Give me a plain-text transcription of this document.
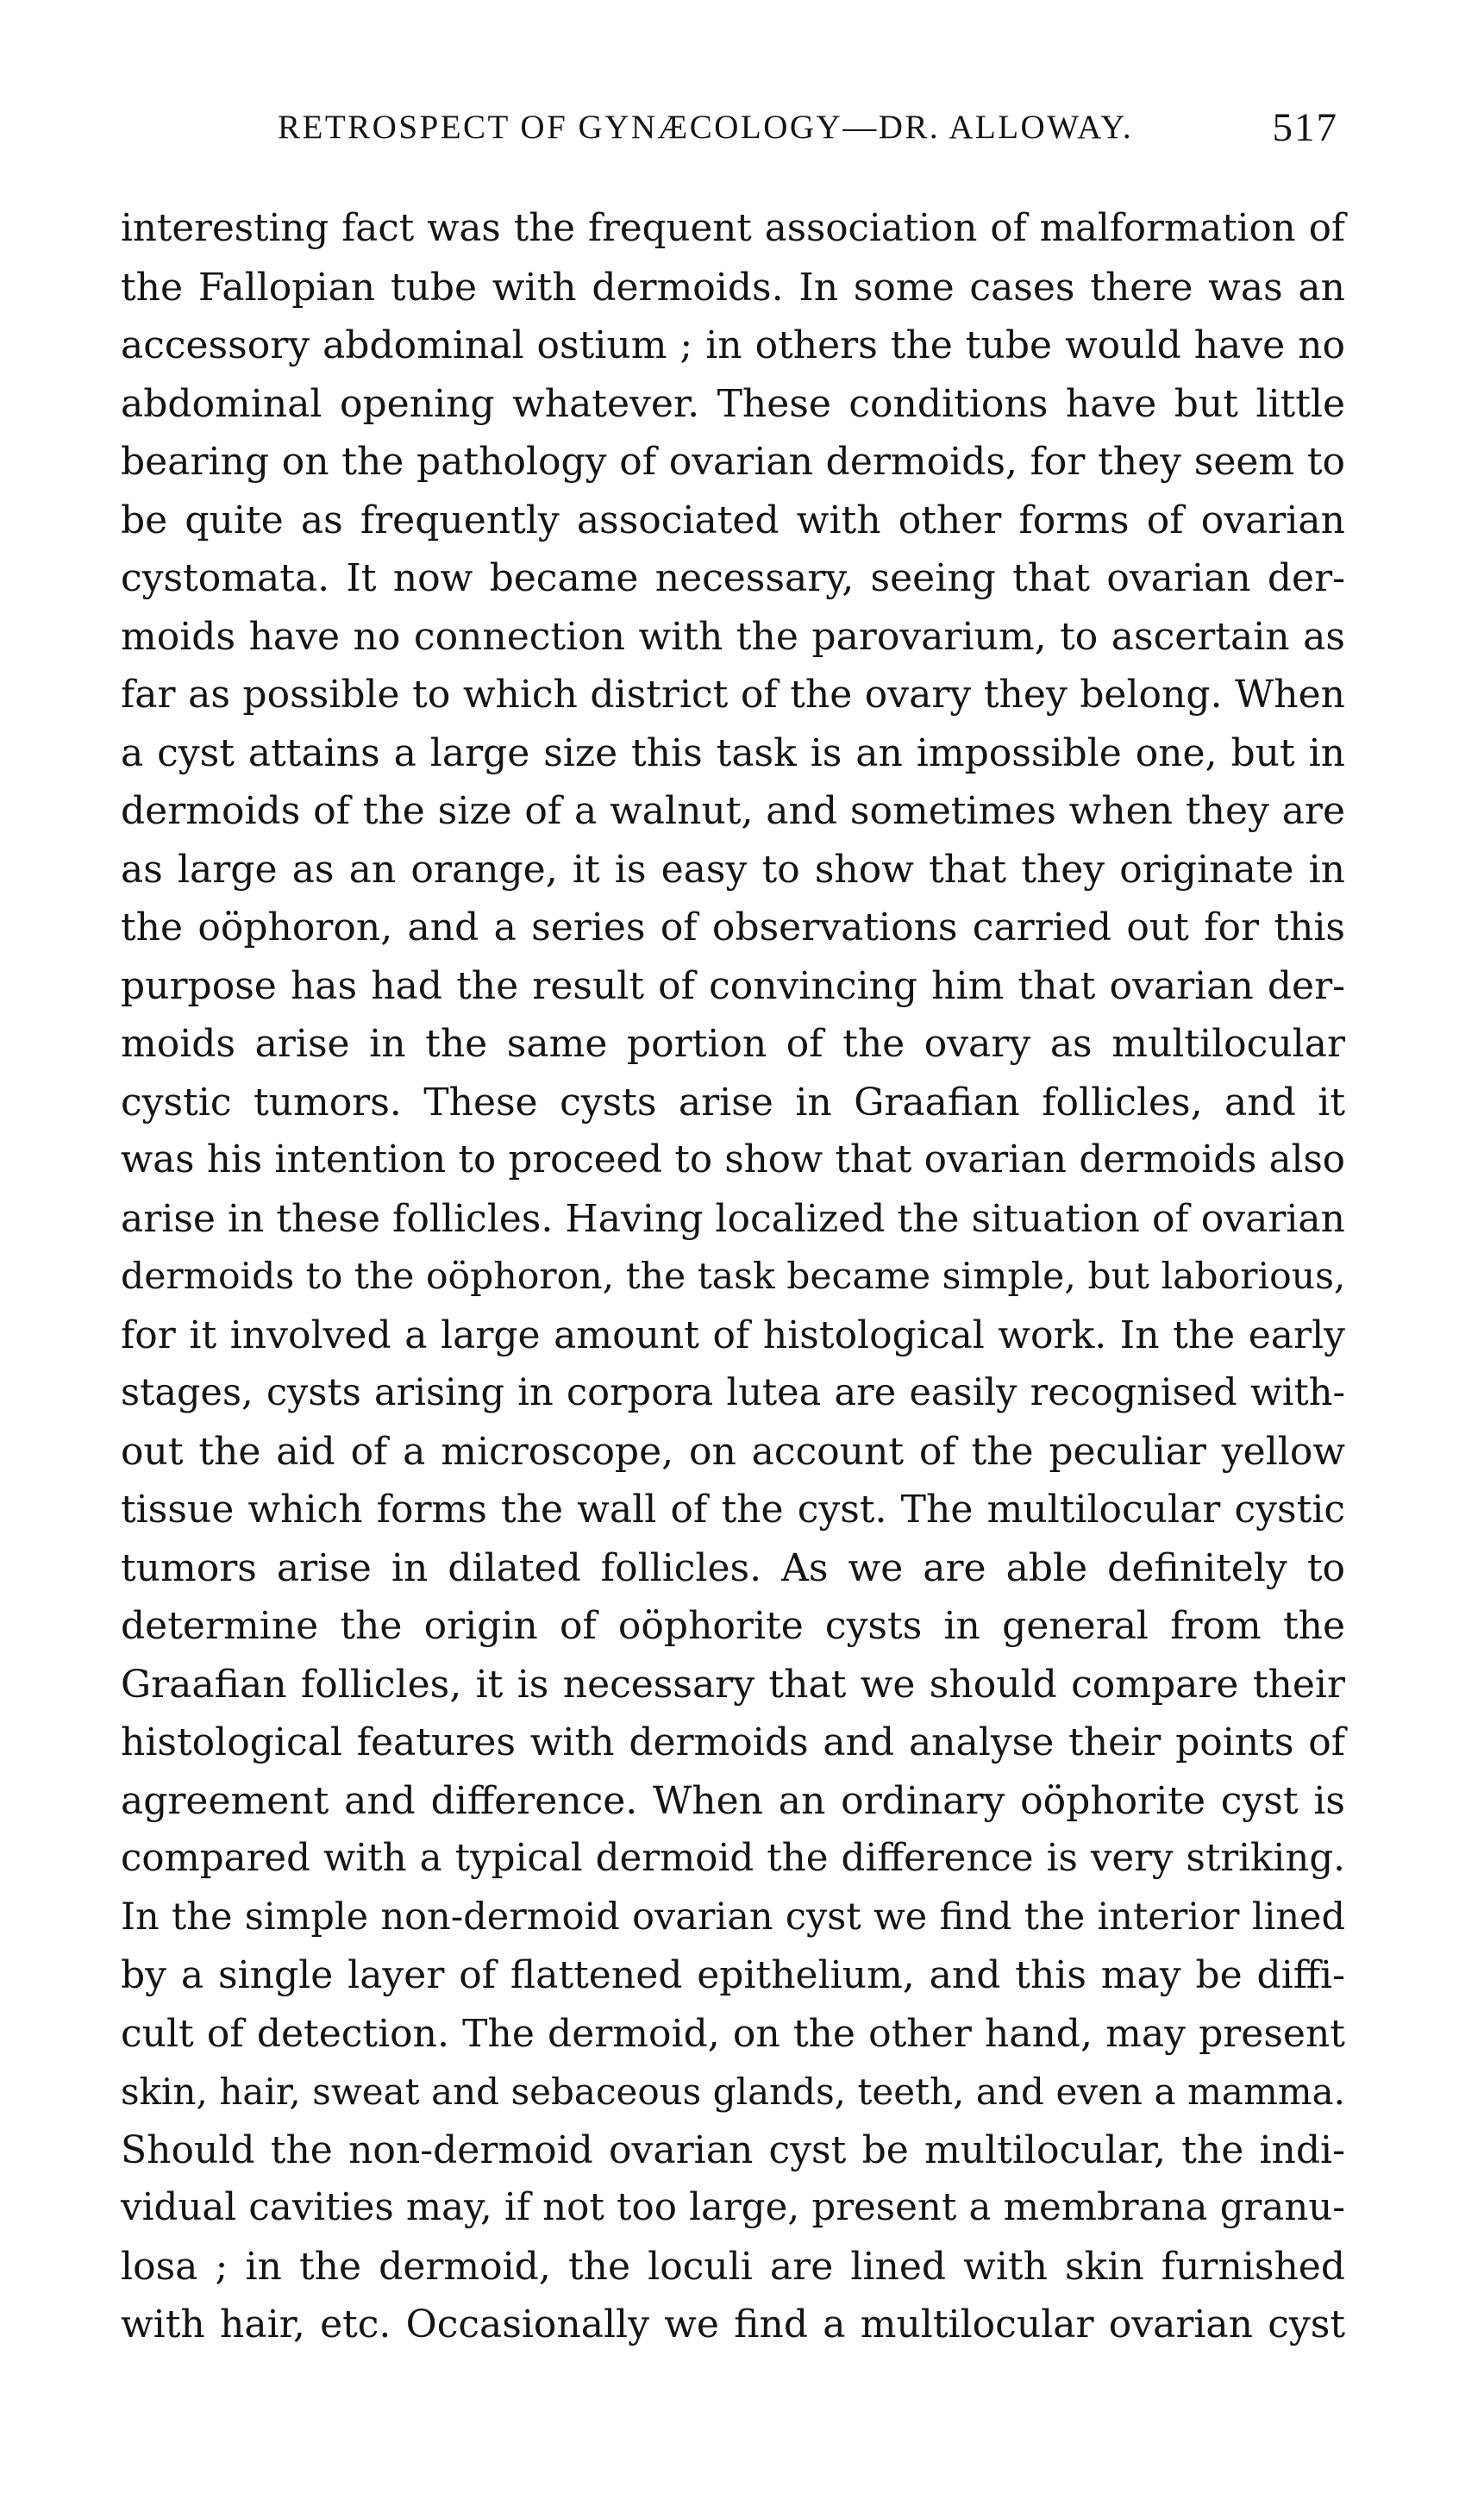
RETROSPECT OF GYNÆCOLOGY—DR. ALLOWAY.	517
interesting fact was the frequent association of malformation of
the Fallopian tube with dermoids. In some cases there was an
accessory abdominal ostium ; in others the tube would have no
abdominal opening whatever. These conditions have but little
bearing on the pathology of ovarian dermoids, for they seem to
be quite as frequently associated with other forms of ovarian
cystomata. It now became necessary, seeing that ovarian der-
moids have no connection with the parovarium, to ascertain as
far as possible to which district of the ovary they belong. When
a cyst attains a large size this task is an impossible one, but in
dermoids of the size of a walnut, and sometimes when they are
as large as an orange, it is easy to show that they originate in
the oöphoron, and a series of observations carried out for this
purpose has had the result of convincing him that ovarian der-
moids arise in the same portion of the ovary as multilocular
cystic tumors. These cysts arise in Graafian follicles, and it
was his intention to proceed to show that ovarian dermoids also
arise in these follicles. Having localized the situation of ovarian
dermoids to the oöphoron, the task became simple, but laborious,
for it involved a large amount of histological work. In the early
stages, cysts arising in corpora lutea are easily recognised with-
out the aid of a microscope, on account of the peculiar yellow
tissue which forms the wall of the cyst. The multilocular cystic
tumors arise in dilated follicles. As we are able definitely to
determine the origin of oöphorite cysts in general from the
Graafian follicles, it is necessary that we should compare their
histological features with dermoids and analyse their points of
agreement and difference. When an ordinary oöphorite cyst is
compared with a typical dermoid the difference is very striking.
In the simple non-dermoid ovarian cyst we find the interior lined
by a single layer of flattened epithelium, and this may be diffi-
cult of detection. The dermoid, on the other hand, may present
skin, hair, sweat and sebaceous glands, teeth, and even a mamma.
Should the non-dermoid ovarian cyst be multilocular, the indi-
vidual cavities may, if not too large, present a membrana granu-
losa ; in the dermoid, the loculi are lined with skin furnished
with hair, etc. Occasionally we find a multilocular ovarian cyst
